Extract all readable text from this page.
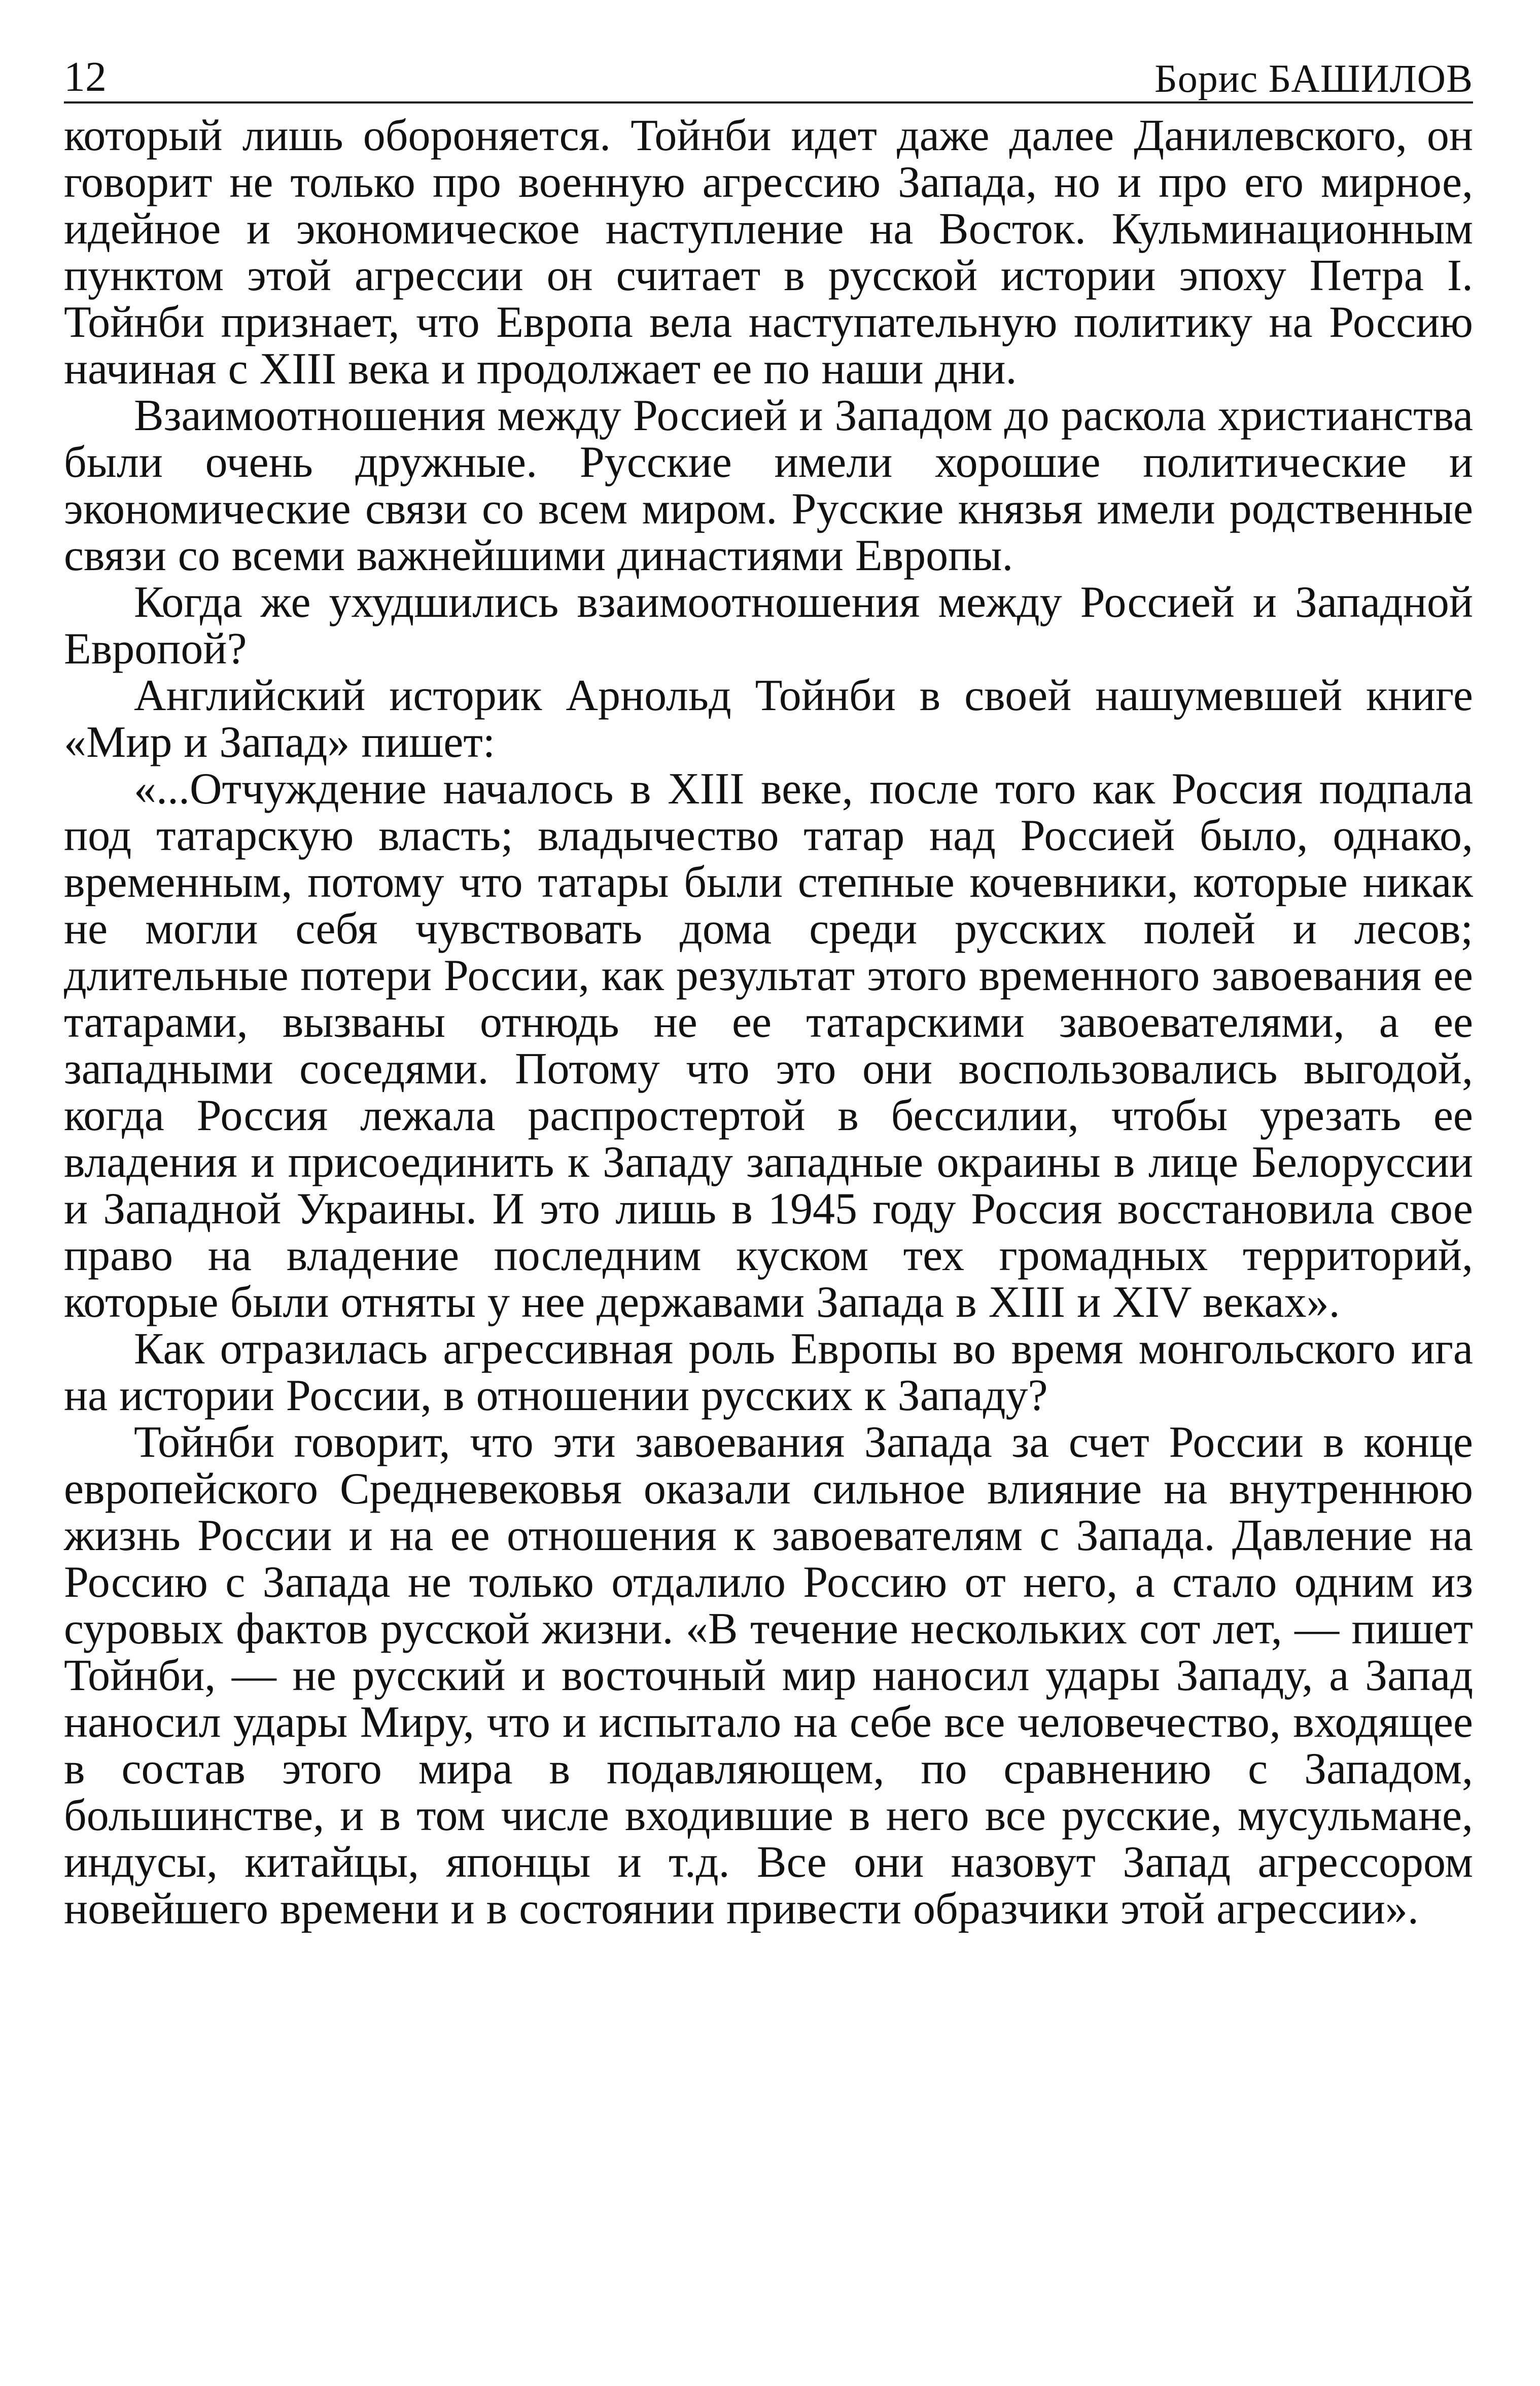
12	Борис БАШИЛОВ

который лишь обороняется. Тойнби идет даже далее Данилевского, он говорит не только про военную агрессию Запада, но и про его мирное, идейное и экономическое наступление на Восток. Кульминационным пунктом этой агрессии он считает в русской истории эпоху Петра I. Тойнби признает, что Европа вела наступательную политику на Россию начиная с XIII века и продолжает ее по наши дни.

Взаимоотношения между Россией и Западом до раскола христианства были очень дружные. Русские имели хорошие политические и экономические связи со всем миром. Русские князья имели родственные связи со всеми важнейшими династиями Европы.

Когда же ухудшились взаимоотношения между Россией и Западной Европой?

Английский историк Арнольд Тойнби в своей нашумевшей книге «Мир и Запад» пишет:

«...Отчуждение началось в XIII веке, после того как Россия подпала под татарскую власть; владычество татар над Россией было, однако, временным, потому что татары были степные кочевники, которые никак не могли себя чувствовать дома среди русских полей и лесов; длительные потери России, как результат этого временного завоевания ее татарами, вызваны отнюдь не ее татарскими завоевателями, а ее западными соседями. Потому что это они воспользовались выгодой, когда Россия лежала распростертой в бессилии, чтобы урезать ее владения и присоединить к Западу западные окраины в лице Белоруссии и Западной Украины. И это лишь в 1945 году Россия восстановила свое право на владение последним куском тех громадных территорий, которые были отняты у нее державами Запада в XIII и XIV веках».

Как отразилась агрессивная роль Европы во время монгольского ига на истории России, в отношении русских к Западу?

Тойнби говорит, что эти завоевания Запада за счет России в конце европейского Средневековья оказали сильное влияние на внутреннюю жизнь России и на ее отношения к завоевателям с Запада. Давление на Россию с Запада не только отдалило Россию от него, а стало одним из суровых фактов русской жизни. «В течение нескольких сот лет, — пишет Тойнби, — не русский и восточный мир наносил удары Западу, а Запад наносил удары Миру, что и испытало на себе все человечество, входящее в состав этого мира в подавляющем, по сравнению с Западом, большинстве, и в том числе входившие в него все русские, мусульмане, индусы, китайцы, японцы и т.д. Все они назовут Запад агрессором новейшего времени и в состоянии привести образчики этой агрессии».
